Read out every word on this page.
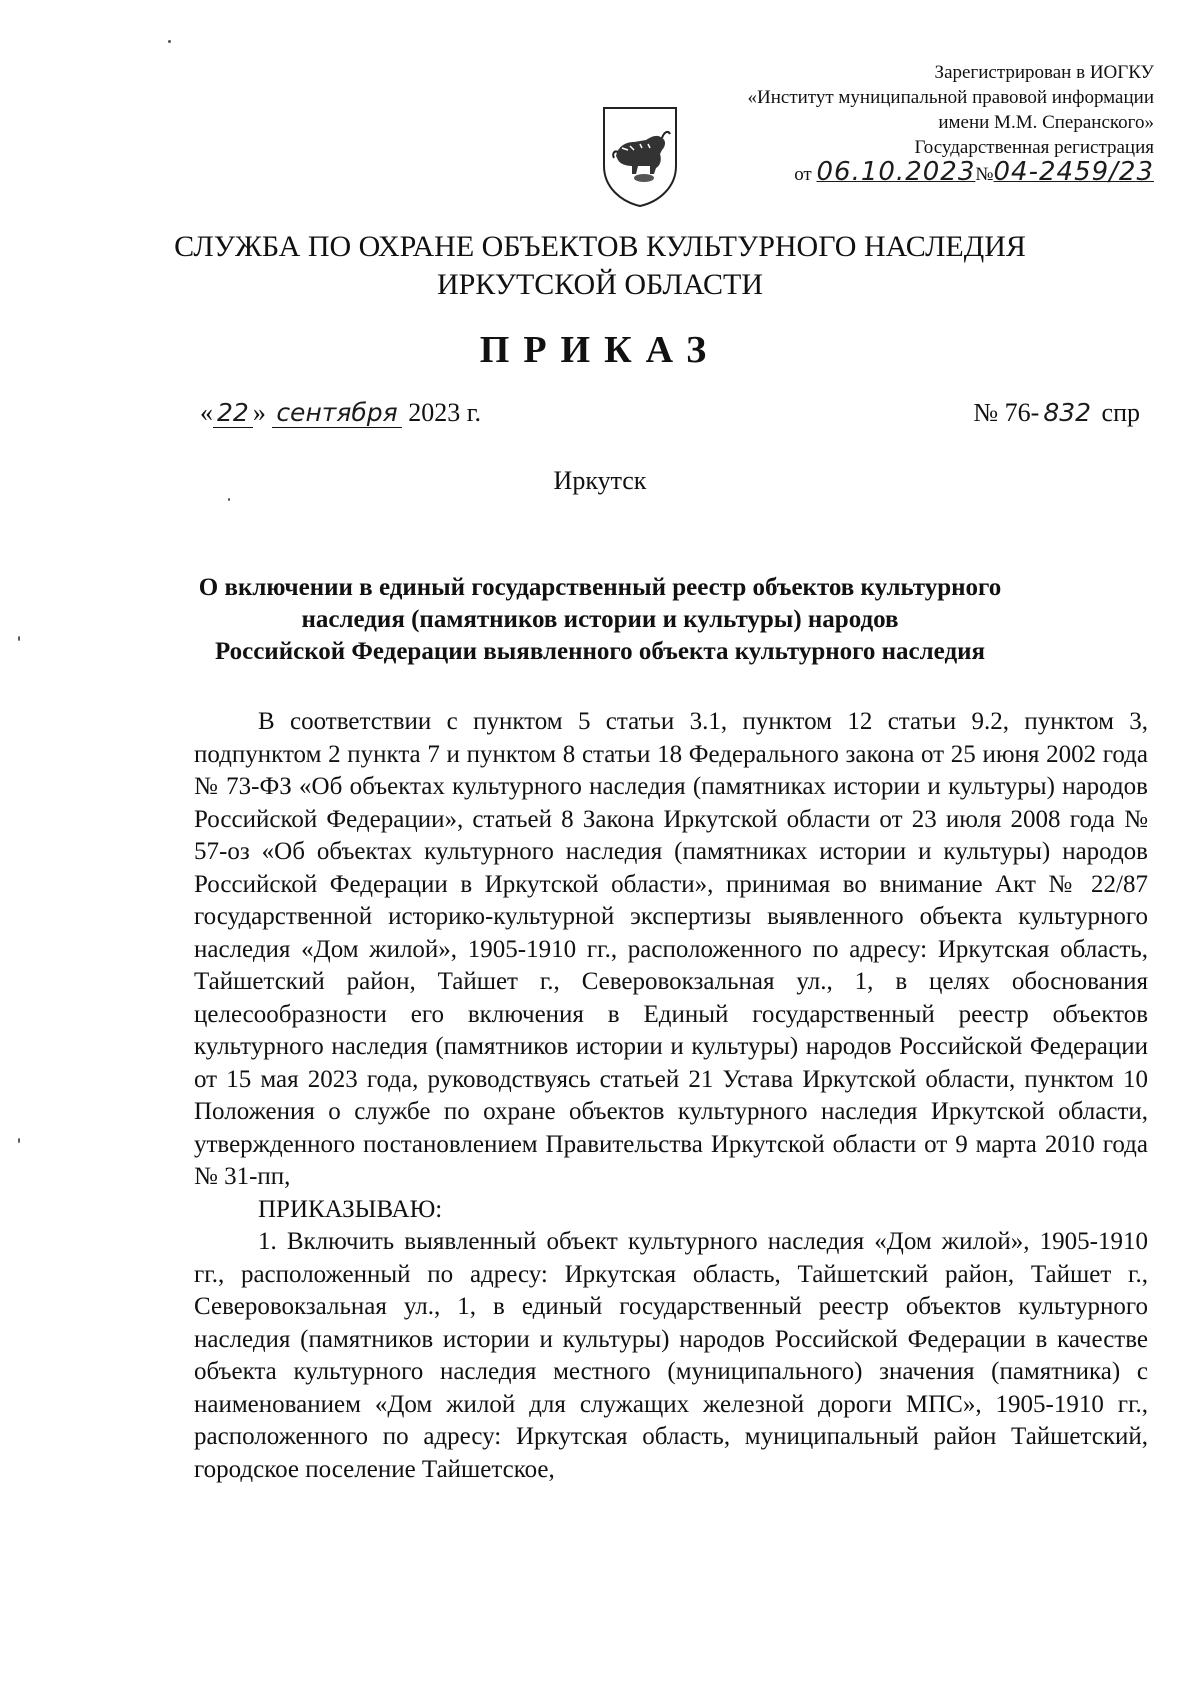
Зарегистрирован в ИОГКУ
«Институт муниципальной правовой информации
имени М.М. Сперанского»
Государственная регистрация
от 06.10.2023№04-2459/23
СЛУЖБА ПО ОХРАНЕ ОБЪЕКТОВ КУЛЬТУРНОГО НАСЛЕДИЯ
ИРКУТСКОЙ ОБЛАСТИ
ПРИКАЗ
« 22 » сентября 2023 г.	№ 76- 832 спр
Иркутск
О включении в единый государственный реестр объектов культурного
наследия (памятников истории и культуры) народов
Российской Федерации выявленного объекта культурного наследия

В соответствии с пунктом 5 статьи 3.1, пунктом 12 статьи 9.2, пунктом 3, подпунктом 2 пункта 7 и пунктом 8 статьи 18 Федерального закона от 25 июня 2002 года № 73-ФЗ «Об объектах культурного наследия (памятниках истории и культуры) народов Российской Федерации», статьей 8 Закона Иркутской области от 23 июля 2008 года № 57-оз «Об объектах культурного наследия (памятниках истории и культуры) народов Российской Федерации в Иркутской области», принимая во внимание Акт № 22/87 государственной историко-культурной экспертизы выявленного объекта культурного наследия «Дом жилой», 1905-1910 гг., расположенного по адресу: Иркутская область, Тайшетский район, Тайшет г., Северовокзальная ул., 1, в целях обоснования целесообразности его включения в Единый государственный реестр объектов культурного наследия (памятников истории и культуры) народов Российской Федерации от 15 мая 2023 года, руководствуясь статьей 21 Устава Иркутской области, пунктом 10 Положения о службе по охране объектов культурного наследия Иркутской области, утвержденного постановлением Правительства Иркутской области от 9 марта 2010 года № 31-пп,

ПРИКАЗЫВАЮ:

1. Включить выявленный объект культурного наследия «Дом жилой», 1905-1910 гг., расположенный по адресу: Иркутская область, Тайшетский район, Тайшет г., Северовокзальная ул., 1, в единый государственный реестр объектов культурного наследия (памятников истории и культуры) народов Российской Федерации в качестве объекта культурного наследия местного (муниципального) значения (памятника) с наименованием «Дом жилой для служащих железной дороги МПС», 1905-1910 гг., расположенного по адресу: Иркутская область, муниципальный район Тайшетский, городское поселение Тайшетское,
